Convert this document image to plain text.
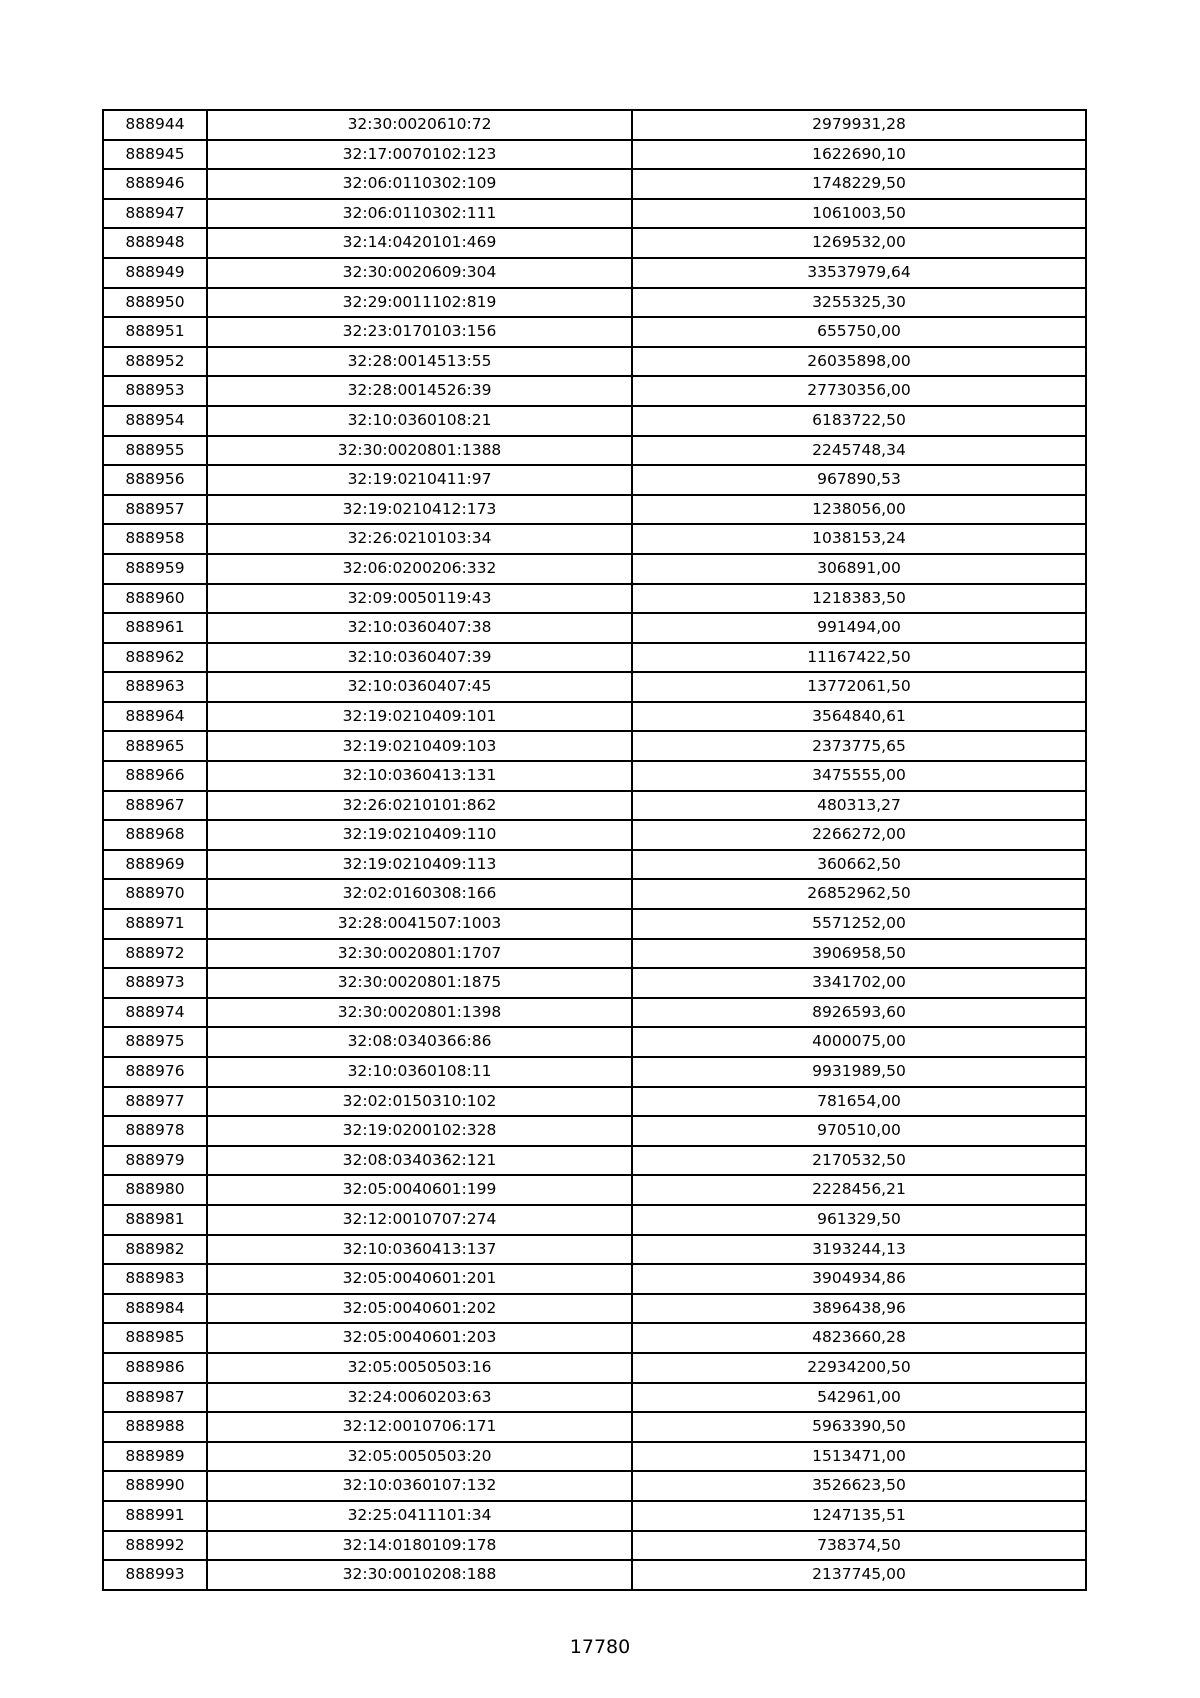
888944	32:30:0020610:72	2979931,28
888945	32:17:0070102:123	1622690,10
888946	32:06:0110302:109	1748229,50
888947	32:06:0110302:111	1061003,50
888948	32:14:0420101:469	1269532,00
888949	32:30:0020609:304	33537979,64
888950	32:29:0011102:819	3255325,30
888951	32:23:0170103:156	655750,00
888952	32:28:0014513:55	26035898,00
888953	32:28:0014526:39	27730356,00
888954	32:10:0360108:21	6183722,50
888955	32:30:0020801:1388	2245748,34
888956	32:19:0210411:97	967890,53
888957	32:19:0210412:173	1238056,00
888958	32:26:0210103:34	1038153,24
888959	32:06:0200206:332	306891,00
888960	32:09:0050119:43	1218383,50
888961	32:10:0360407:38	991494,00
888962	32:10:0360407:39	11167422,50
888963	32:10:0360407:45	13772061,50
888964	32:19:0210409:101	3564840,61
888965	32:19:0210409:103	2373775,65
888966	32:10:0360413:131	3475555,00
888967	32:26:0210101:862	480313,27
888968	32:19:0210409:110	2266272,00
888969	32:19:0210409:113	360662,50
888970	32:02:0160308:166	26852962,50
888971	32:28:0041507:1003	5571252,00
888972	32:30:0020801:1707	3906958,50
888973	32:30:0020801:1875	3341702,00
888974	32:30:0020801:1398	8926593,60
888975	32:08:0340366:86	4000075,00
888976	32:10:0360108:11	9931989,50
888977	32:02:0150310:102	781654,00
888978	32:19:0200102:328	970510,00
888979	32:08:0340362:121	2170532,50
888980	32:05:0040601:199	2228456,21
888981	32:12:0010707:274	961329,50
888982	32:10:0360413:137	3193244,13
888983	32:05:0040601:201	3904934,86
888984	32:05:0040601:202	3896438,96
888985	32:05:0040601:203	4823660,28
888986	32:05:0050503:16	22934200,50
888987	32:24:0060203:63	542961,00
888988	32:12:0010706:171	5963390,50
888989	32:05:0050503:20	1513471,00
888990	32:10:0360107:132	3526623,50
888991	32:25:0411101:34	1247135,51
888992	32:14:0180109:178	738374,50
888993	32:30:0010208:188	2137745,00
17780
